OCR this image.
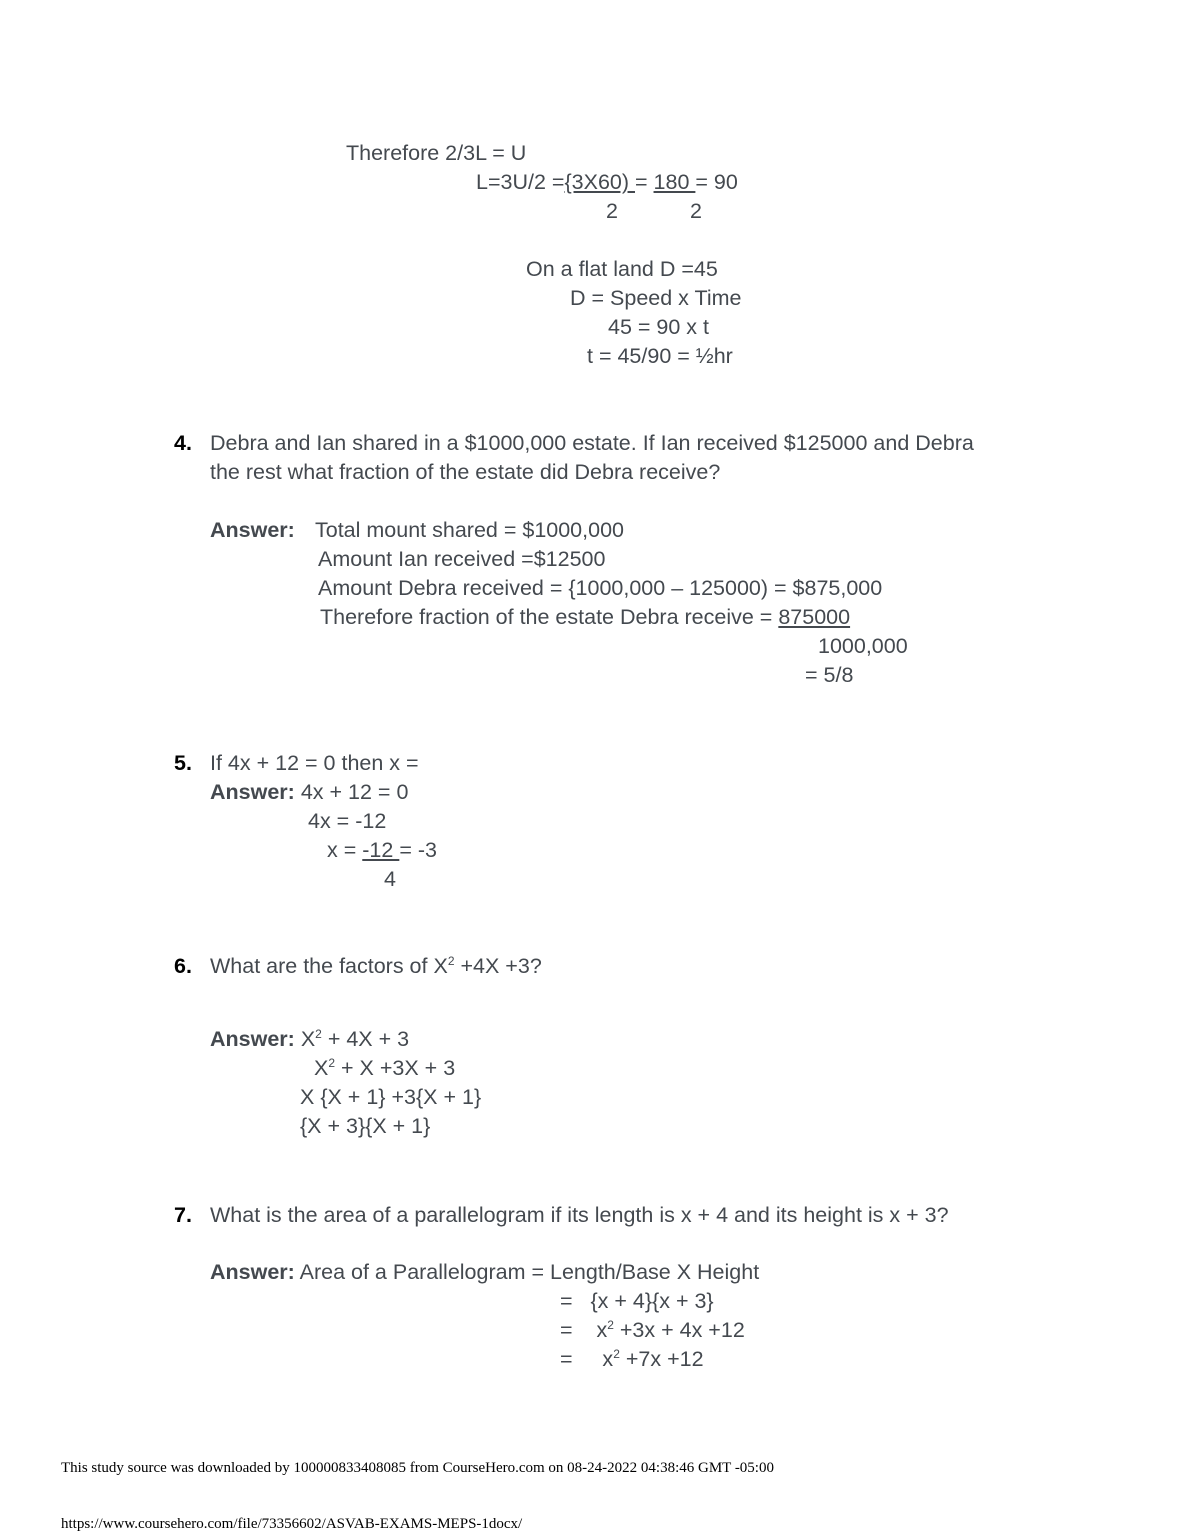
Therefore 2/3L = U
L=3U/2 ={3X60) = 180 = 90
2	2
On a flat land D =45
D = Speed x Time
45 = 90 x t
t = 45/90 = ½hr
4. Debra and Ian shared in a $1000,000 estate. If Ian received $125000 and Debra
the rest what fraction of the estate did Debra receive?
Answer: Total mount shared = $1000,000
Amount Ian received =$12500
Amount Debra received = {1000,000 – 125000) = $875,000
Therefore fraction of the estate Debra receive = 875000
1000,000
= 5/8
5. If 4x + 12 = 0 then x =
Answer: 4x + 12 = 0
4x = -12
x = -12 = -3
4
6. What are the factors of $X^2 +4X +3$?
Answer: $X^2 + 4X + 3$
$X^2 + X +3X + 3$
X {X + 1} +3{X + 1}
{X + 3}{X + 1}
7. What is the area of a parallelogram if its length is x + 4 and its height is x + 3?
Answer: Area of a Parallelogram = Length/Base X Height
=   {x + 4}{x + 3}
=    $x^2 +3x + 4x +12$
=     $x^2 +7x +12$
This study source was downloaded by 100000833408085 from CourseHero.com on 08-24-2022 04:38:46 GMT -05:00
https://www.coursehero.com/file/73356602/ASVAB-EXAMS-MEPS-1docx/
